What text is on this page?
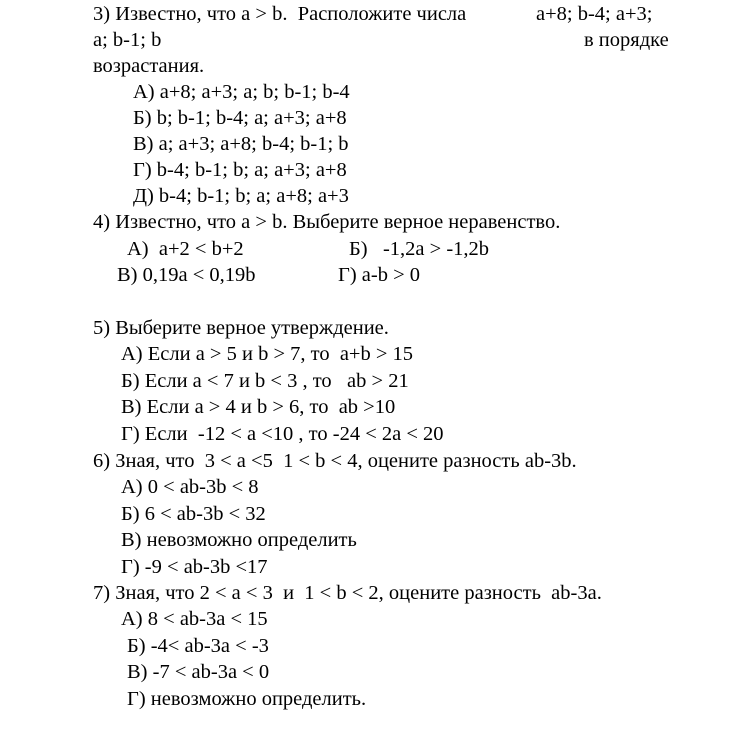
3) Известно, что a > b.  Расположите числа	a+8; b-4; a+3;
a; b-1; b	в порядке
возрастания.
А) a+8; a+3; a; b; b-1; b-4
Б) b; b-1; b-4; a; a+3; a+8
В) a; a+3; a+8; b-4; b-1; b
Г) b-4; b-1; b; a; a+3; a+8
Д) b-4; b-1; b; a; a+8; a+3
4) Известно, что a > b. Выберите верное неравенство.
А)  a+2 < b+2	Б)   -1,2a > -1,2b
В) 0,19a < 0,19b	Г) a-b > 0
5) Выберите верное утверждение.
А) Если a > 5 и b > 7, то  a+b > 15
Б) Если a < 7 и b < 3 , то   ab > 21
В) Если a > 4 и b > 6, то  ab >10
Г) Если  -12 < a <10 , то -24 < 2a < 20
6) Зная, что  3 < a <5  1 < b < 4, оцените разность ab-3b.
А) 0 < ab-3b < 8
Б) 6 < ab-3b < 32
В) невозможно определить
Г) -9 < ab-3b <17
7) Зная, что 2 < a < 3  и  1 < b < 2, оцените разность  ab-3a.
А) 8 < ab-3a < 15
Б) -4< ab-3a < -3
В) -7 < ab-3a < 0
Г) невозможно определить.
